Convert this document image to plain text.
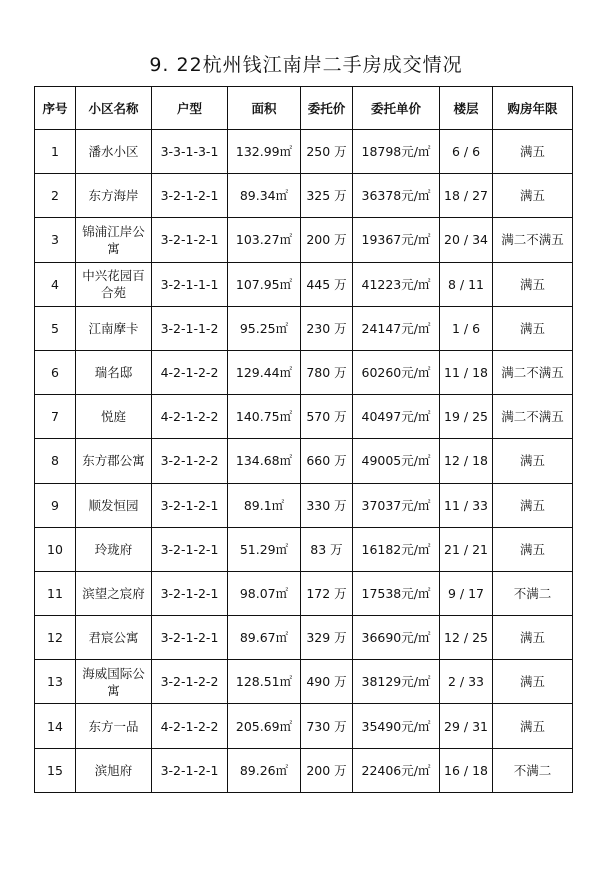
9. 22杭州钱江南岸二手房成交情况
序号	小区名称	户型	面积	委托价	委托单价	楼层	购房年限
1	潘水小区	3-3-1-3-1	132.99㎡	250 万	18798元/㎡	6 / 6	满五
2	东方海岸	3-2-1-2-1	89.34㎡	325 万	36378元/㎡	18 / 27	满五
3	锦浦江岸公寓	3-2-1-2-1	103.27㎡	200 万	19367元/㎡	20 / 34	满二不满五
4	中兴花园百合苑	3-2-1-1-1	107.95㎡	445 万	41223元/㎡	8 / 11	满五
5	江南摩卡	3-2-1-1-2	95.25㎡	230 万	24147元/㎡	1 / 6	满五
6	瑞名邸	4-2-1-2-2	129.44㎡	780 万	60260元/㎡	11 / 18	满二不满五
7	悦庭	4-2-1-2-2	140.75㎡	570 万	40497元/㎡	19 / 25	满二不满五
8	东方郡公寓	3-2-1-2-2	134.68㎡	660 万	49005元/㎡	12 / 18	满五
9	顺发恒园	3-2-1-2-1	89.1㎡	330 万	37037元/㎡	11 / 33	满五
10	玲珑府	3-2-1-2-1	51.29㎡	83 万	16182元/㎡	21 / 21	满五
11	滨望之宸府	3-2-1-2-1	98.07㎡	172 万	17538元/㎡	9 / 17	不满二
12	君宸公寓	3-2-1-2-1	89.67㎡	329 万	36690元/㎡	12 / 25	满五
13	海威国际公寓	3-2-1-2-2	128.51㎡	490 万	38129元/㎡	2 / 33	满五
14	东方一品	4-2-1-2-2	205.69㎡	730 万	35490元/㎡	29 / 31	满五
15	滨旭府	3-2-1-2-1	89.26㎡	200 万	22406元/㎡	16 / 18	不满二
